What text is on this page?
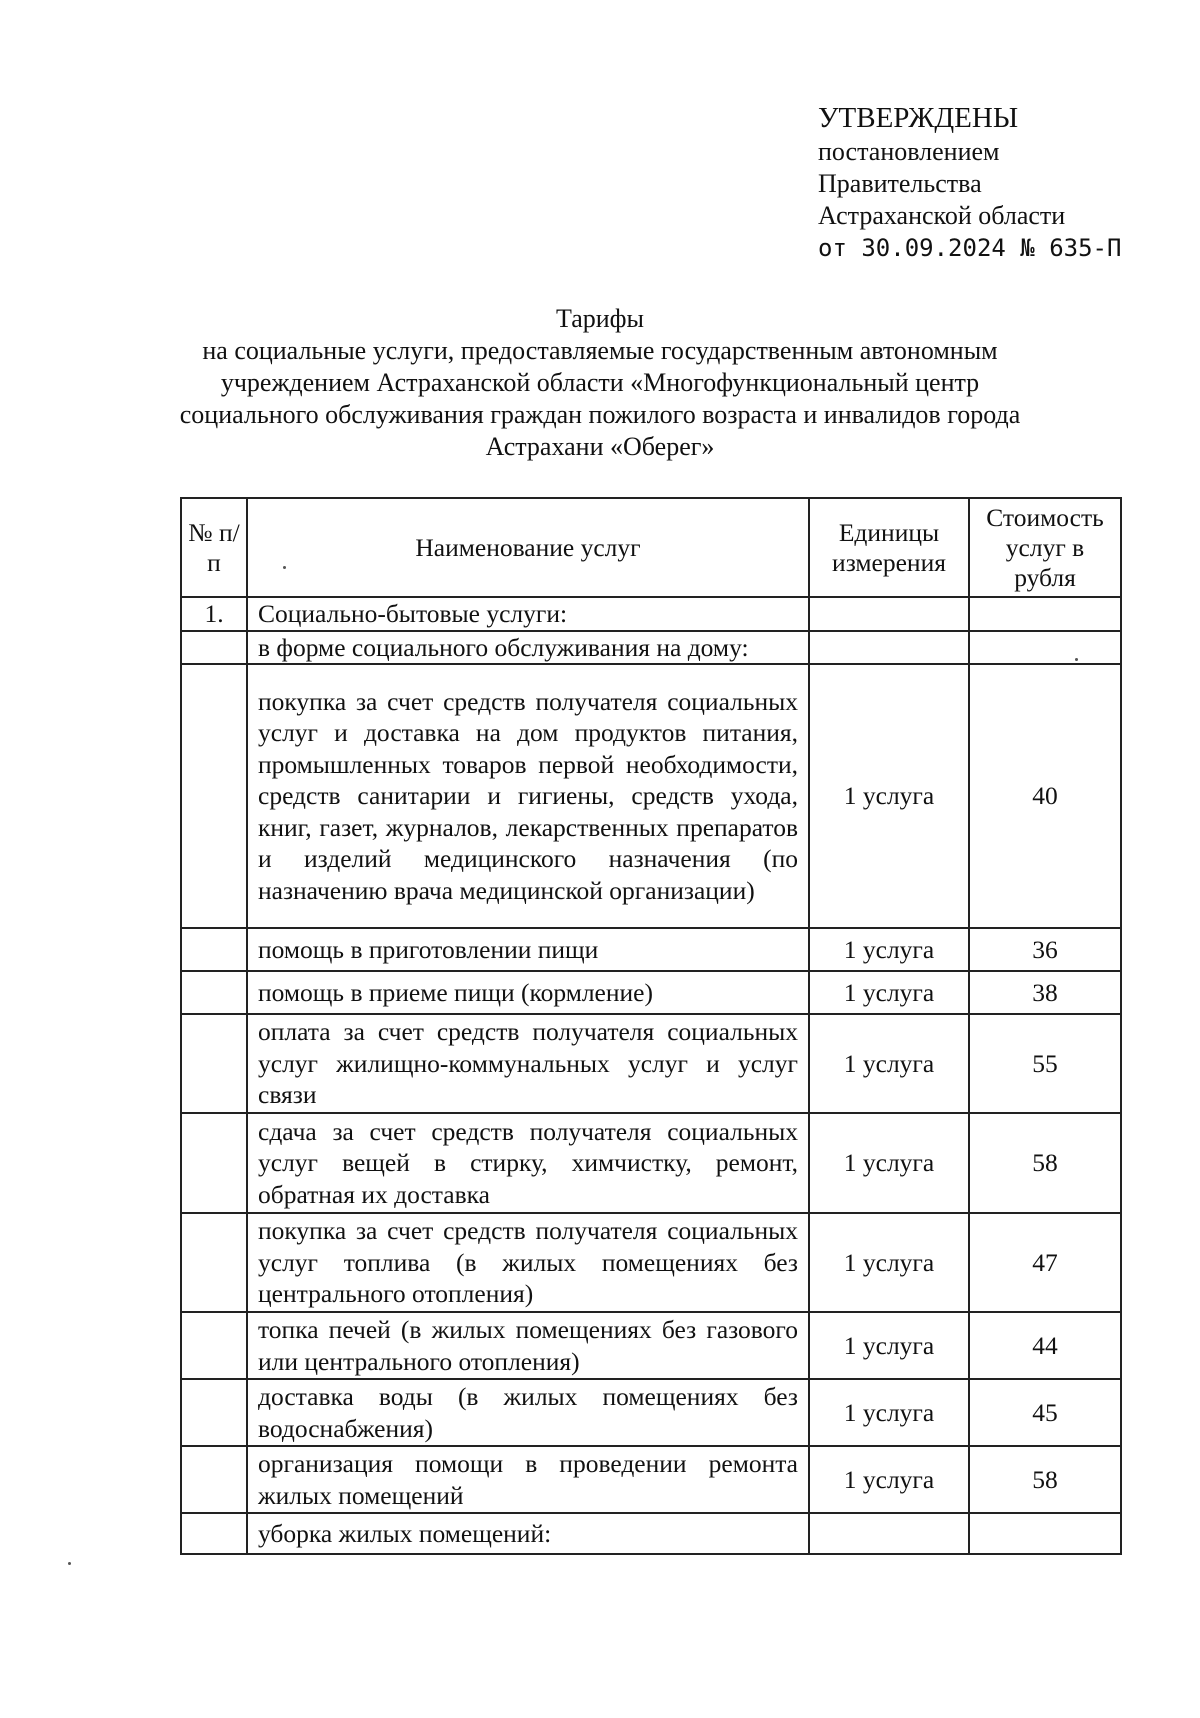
УТВЕРЖДЕНЫ
постановлением
Правительства
Астраханской области
от 30.09.2024 № 635-П
Тарифы
на социальные услуги, предоставляемые государственным автономным
учреждением Астраханской области «Многофункциональный центр
социального обслуживания граждан пожилого возраста и инвалидов города
Астрахани «Оберег»
№ п/п	Наименование услуг	Единицы измерения	Стоимость услуг в рубля
1.	Социально-бытовые услуги:		
	в форме социального обслуживания на дому:		
	покупка за счет средств получателя социальных услуг и доставка на дом продуктов питания, промышленных товаров первой необходимости, средств санитарии и гигиены, средств ухода, книг, газет, журналов, лекарственных препаратов и изделий медицинского назначения (по назначению врача медицинской организации)	1 услуга	40
	помощь в приготовлении пищи	1 услуга	36
	помощь в приеме пищи (кормление)	1 услуга	38
	оплата за счет средств получателя социальных услуг жилищно-коммунальных услуг и услуг связи	1 услуга	55
	сдача за счет средств получателя социальных услуг вещей в стирку, химчистку, ремонт, обратная их доставка	1 услуга	58
	покупка за счет средств получателя социальных услуг топлива (в жилых помещениях без центрального отопления)	1 услуга	47
	топка печей (в жилых помещениях без газового или центрального отопления)	1 услуга	44
	доставка воды (в жилых помещениях без водоснабжения)	1 услуга	45
	организация помощи в проведении ремонта жилых помещений	1 услуга	58
	уборка жилых помещений:		
